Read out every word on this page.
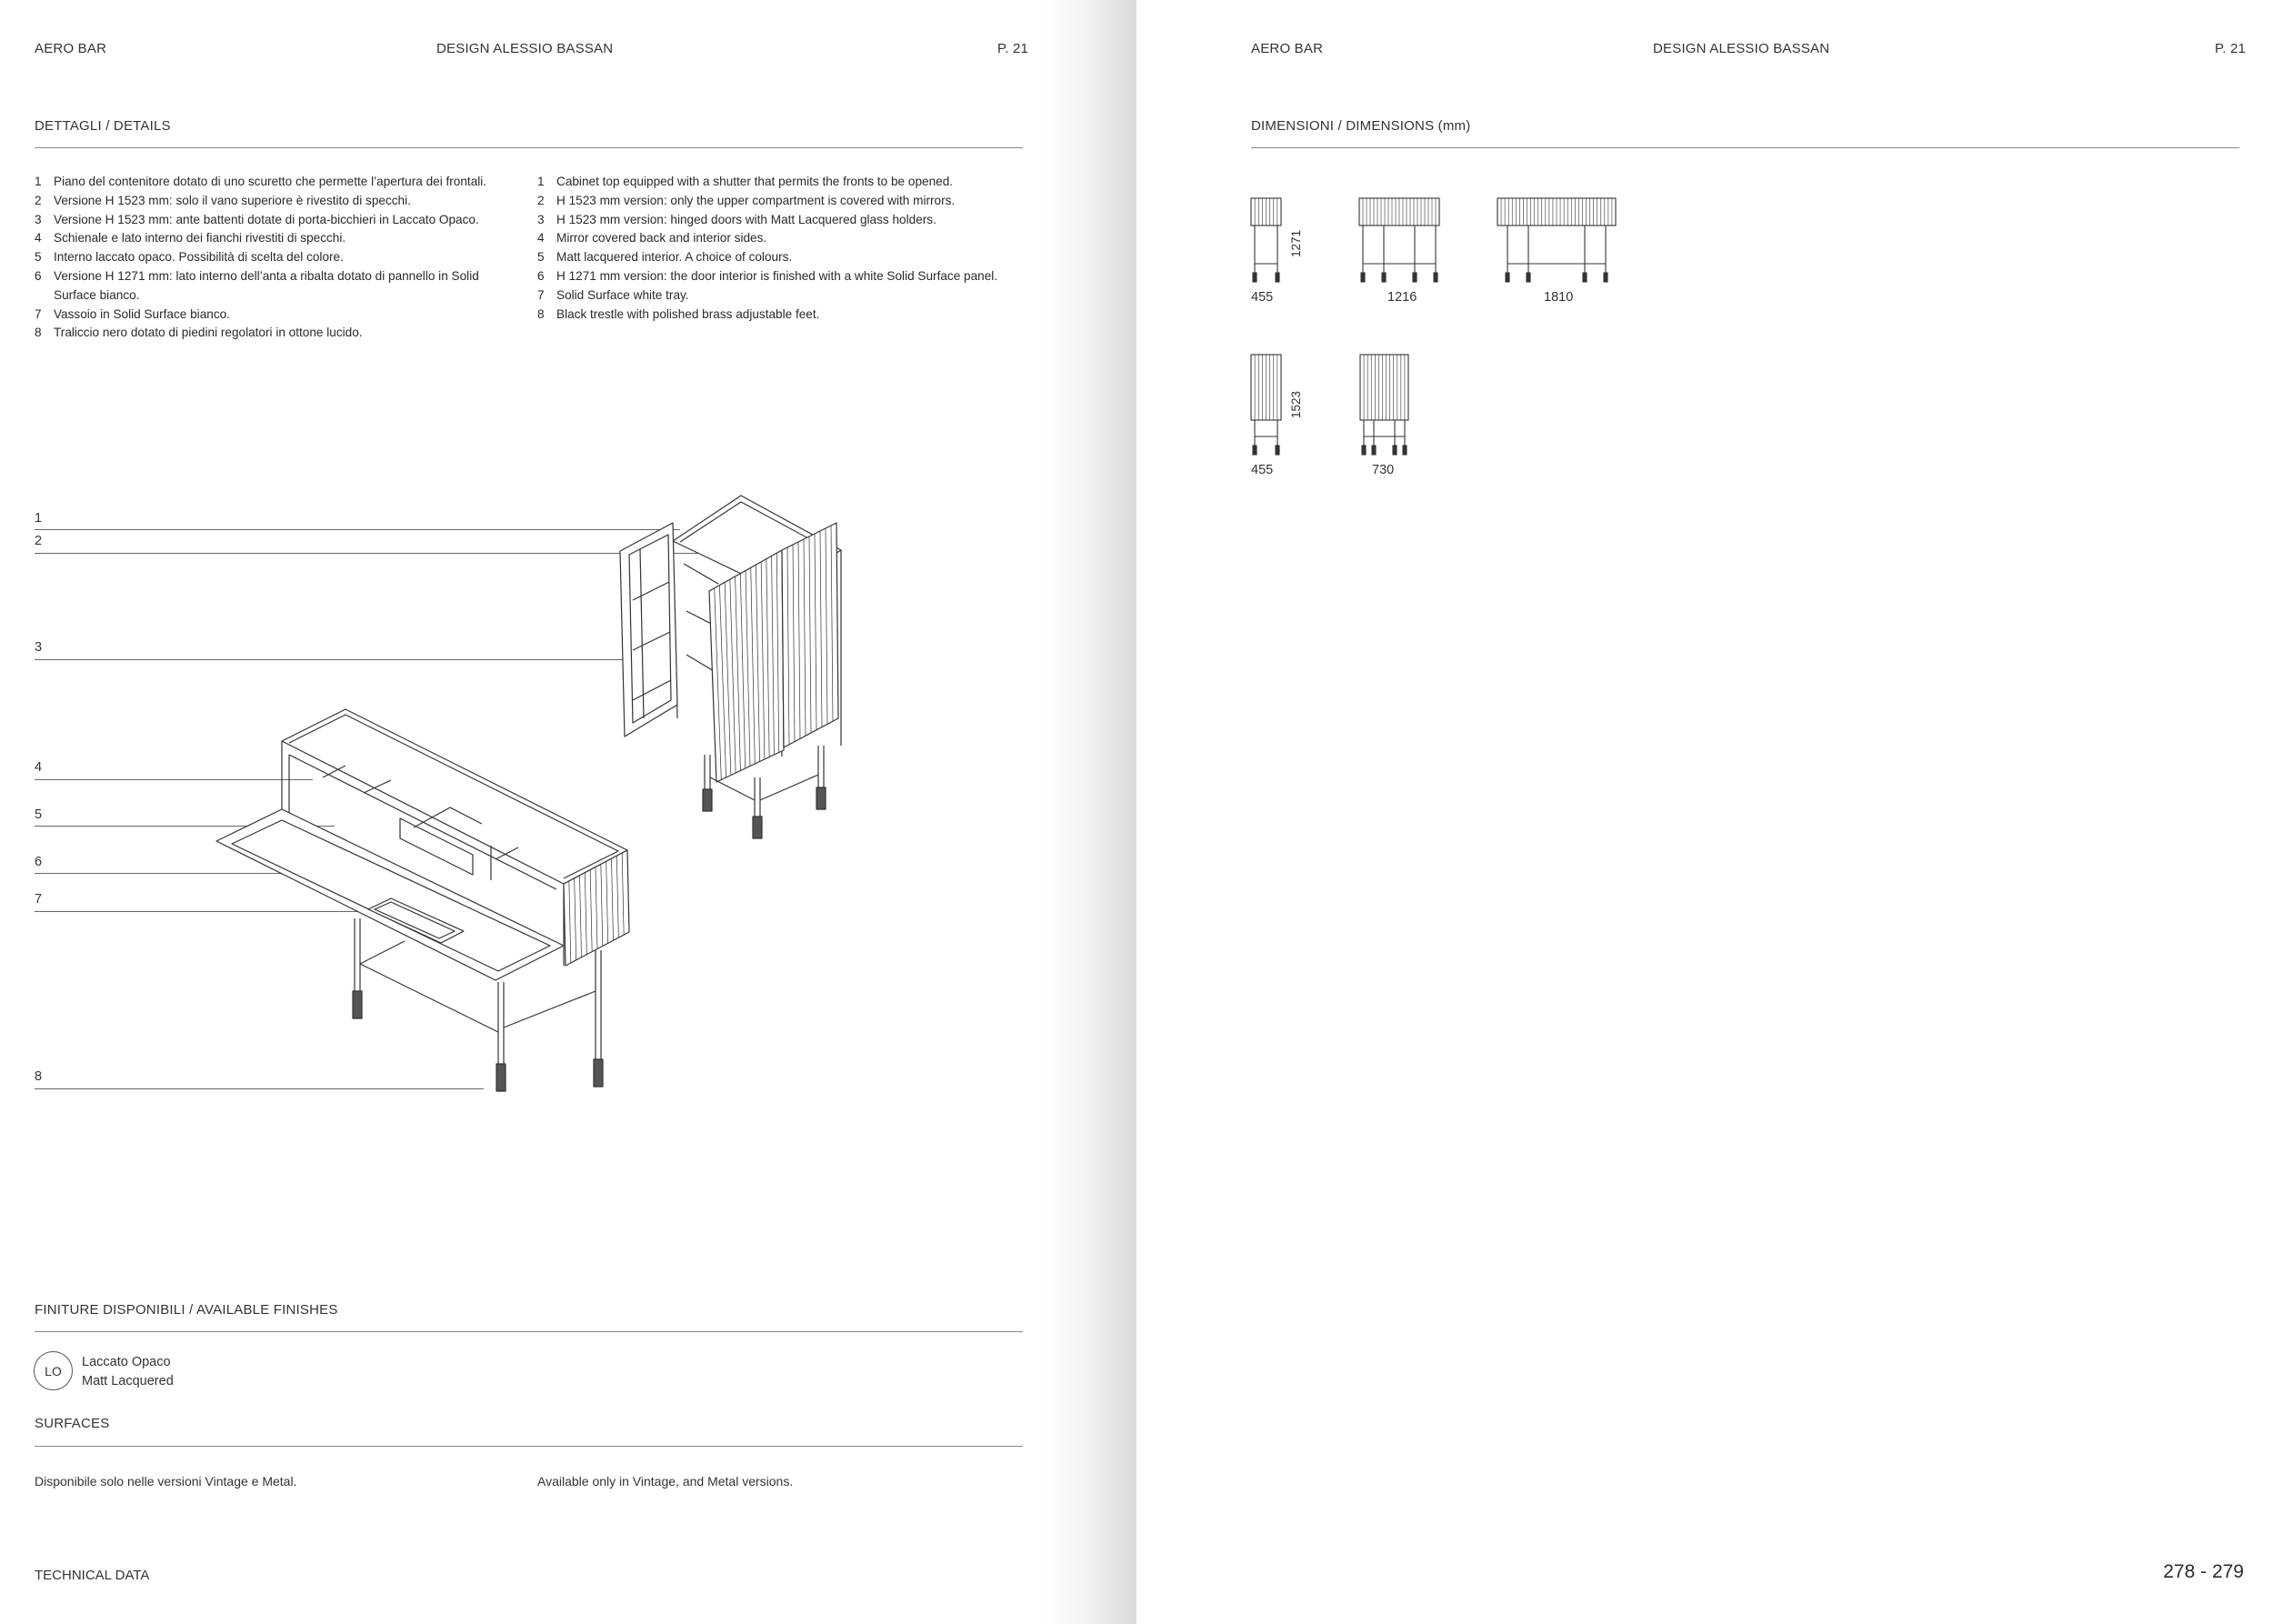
AERO BAR	DESIGN ALESSIO BASSAN	P. 21
DETTAGLI / DETAILS
1 Piano del contenitore dotato di uno scuretto che permette l’apertura dei frontali.
2 Versione H 1523 mm: solo il vano superiore è rivestito di specchi.
3 Versione H 1523 mm: ante battenti dotate di porta-bicchieri in Laccato Opaco.
4 Schienale e lato interno dei fianchi rivestiti di specchi.
5 Interno laccato opaco. Possibilità di scelta del colore.
6 Versione H 1271 mm: lato interno dell’anta a ribalta dotato di pannello in Solid Surface bianco.
7 Vassoio in Solid Surface bianco.
8 Traliccio nero dotato di piedini regolatori in ottone lucido.
1 Cabinet top equipped with a shutter that permits the fronts to be opened.
2 H 1523 mm version: only the upper compartment is covered with mirrors.
3 H 1523 mm version: hinged doors with Matt Lacquered glass holders.
4 Mirror covered back and interior sides.
5 Matt lacquered interior. A choice of colours.
6 H 1271 mm version: the door interior is finished with a white Solid Surface panel.
7 Solid Surface white tray.
8 Black trestle with polished brass adjustable feet.
1
2
3
4
5
6
7
8
FINITURE DISPONIBILI / AVAILABLE FINISHES
LO
Laccato Opaco
Matt Lacquered
SURFACES
Disponibile solo nelle versioni Vintage e Metal.	Available only in Vintage, and Metal versions.
TECHNICAL DATA
AERO BAR	DESIGN ALESSIO BASSAN	P. 21
DIMENSIONI / DIMENSIONS (mm)
455
1271
1216	1810
455
1523
730
278 - 279
